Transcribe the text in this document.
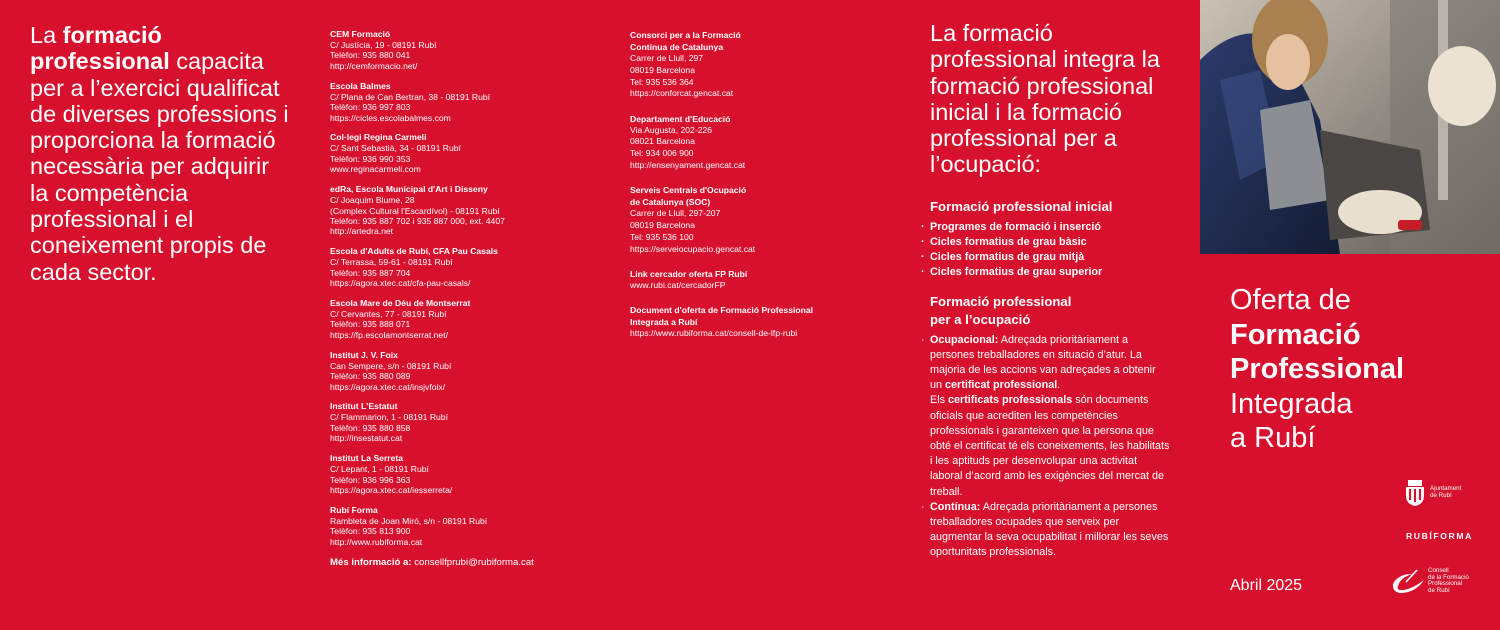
La formació professional capacita per a l’exercici qualificat de diverses professions i proporciona la formació necessària per adquirir la competència professional i el coneixement propis de cada sector.

CEM Formació
C/ Justícia, 19 - 08191 Rubí
Telèfon: 935 880 041
http://cemformacio.net/
Escola Balmes
C/ Plana de Can Bertran, 38 - 08191 Rubí
Telèfon: 936 997 803
https://cicles.escolabalmes.com
Col·legi Regina Carmeli
C/ Sant Sebastià, 34 - 08191 Rubí
Telèfon: 936 990 353
www.reginacarmeli.com
edRa, Escola Municipal d'Art i Disseny
C/ Joaquim Blume, 28
(Complex Cultural l'Escardívol) - 08191 Rubí
Telèfon: 935 887 702 i 935 887 000, ext. 4407
http://artedra.net
Escola d'Adults de Rubí, CFA Pau Casals
C/ Terrassa, 59-61 - 08191 Rubí
Telèfon: 935 887 704
https://agora.xtec.cat/cfa-pau-casals/
Escola Mare de Déu de Montserrat
C/ Cervantes, 77 - 08191 Rubí
Telèfon: 935 888 071
https://fp.escolamontserrat.net/
Institut J. V. Foix
Can Sempere, s/n - 08191 Rubí
Telèfon: 935 880 089
https://agora.xtec.cat/insjvfoix/
Institut L'Estatut
C/ Flammarion, 1 - 08191 Rubí
Telèfon: 935 880 858
http://insestatut.cat
Institut La Serreta
C/ Lepant, 1 - 08191 Rubí
Telèfon: 936 996 363
https://agora.xtec.cat/iesserreta/
Rubí Forma
Rambleta de Joan Miró, s/n - 08191 Rubí
Telèfon: 935 813 900
http://www.rubiforma.cat
Més informació a: consellfprubi@rubiforma.cat
Consorci per a la Formació
Contínua de Catalunya
Carrer de Llull, 297
08019 Barcelona
Tel: 935 536 364
https://conforcat.gencat.cat
Departament d'Educació
Via Augusta, 202-226
08021 Barcelona
Tel: 934 006 900
http://ensenyament.gencat.cat
Serveis Centrals d'Ocupació
de Catalunya (SOC)
Carrer de Llull, 297-207
08019 Barcelona
Tel: 935 536 100
https://serveiocupacio.gencat.cat
Link cercador oferta FP Rubí
www.rubi.cat/cercadorFP
Document d'oferta de Formació Professional
Integrada a Rubí
https://www.rubiforma.cat/consell-de-lfp-rubi

La formació professional integra la formació professional inicial i la formació professional per a l’ocupació:

Formació professional inicial

· Programes de formació i inserció
· Cicles formatius de grau bàsic
· Cicles formatius de grau mitjà
· Cicles formatius de grau superior

Formació professional per a l’ocupació

· Ocupacional: Adreçada prioritàriament a persones treballadores en situació d’atur. La majoria de les accions van adreçades a obtenir un certificat professional.
Els certificats professionals són documents oficials que acrediten les competències professionals i garanteixen que la persona que obté el certificat té els coneixements, les habilitats i les aptituds per desenvolupar una activitat laboral d’acord amb les exigències del mercat de treball.
· Contínua: Adreçada prioritàriament a persones treballadores ocupades que serveix per augmentar la seva ocupabilitat i millorar les seves oportunitats professionals.

Oferta de
Formació
Professional
Integrada
a Rubí

Abril 2025
Ajuntament
de Rubí
RUBÍFORMA
Consell
de la Formació
Professional
de Rubí
